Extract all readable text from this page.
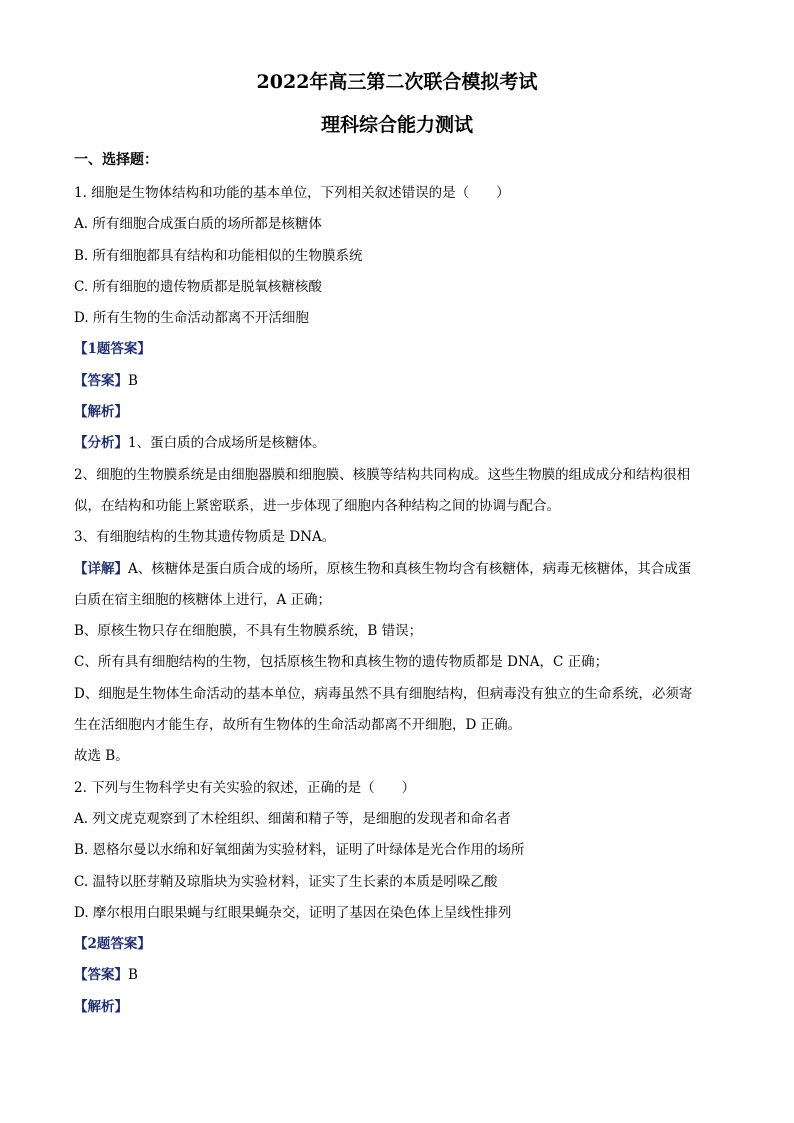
2022年高三第二次联合模拟考试
理科综合能力测试
一、选择题：
1. 细胞是生物体结构和功能的基本单位，下列相关叙述错误的是（　　）
A. 所有细胞合成蛋白质的场所都是核糖体
B. 所有细胞都具有结构和功能相似的生物膜系统
C. 所有细胞的遗传物质都是脱氧核糖核酸
D. 所有生物的生命活动都离不开活细胞
【1题答案】
【答案】B
【解析】
【分析】1、蛋白质的合成场所是核糖体。
2、细胞的生物膜系统是由细胞器膜和细胞膜、核膜等结构共同构成。这些生物膜的组成成分和结构很相
似，在结构和功能上紧密联系，进一步体现了细胞内各种结构之间的协调与配合。
3、有细胞结构的生物其遗传物质是 DNA。
【详解】A、核糖体是蛋白质合成的场所，原核生物和真核生物均含有核糖体，病毒无核糖体，其合成蛋
白质在宿主细胞的核糖体上进行，A 正确；
B、原核生物只存在细胞膜，不具有生物膜系统，B 错误；
C、所有具有细胞结构的生物，包括原核生物和真核生物的遗传物质都是 DNA，C 正确；
D、细胞是生物体生命活动的基本单位，病毒虽然不具有细胞结构，但病毒没有独立的生命系统，必须寄
生在活细胞内才能生存，故所有生物体的生命活动都离不开细胞，D 正确。
故选 B。
2. 下列与生物科学史有关实验的叙述，正确的是（　　）
A. 列文虎克观察到了木栓组织、细菌和精子等，是细胞的发现者和命名者
B. 恩格尔曼以水绵和好氧细菌为实验材料，证明了叶绿体是光合作用的场所
C. 温特以胚芽鞘及琼脂块为实验材料，证实了生长素的本质是吲哚乙酸
D. 摩尔根用白眼果蝇与红眼果蝇杂交，证明了基因在染色体上呈线性排列
【2题答案】
【答案】B
【解析】
